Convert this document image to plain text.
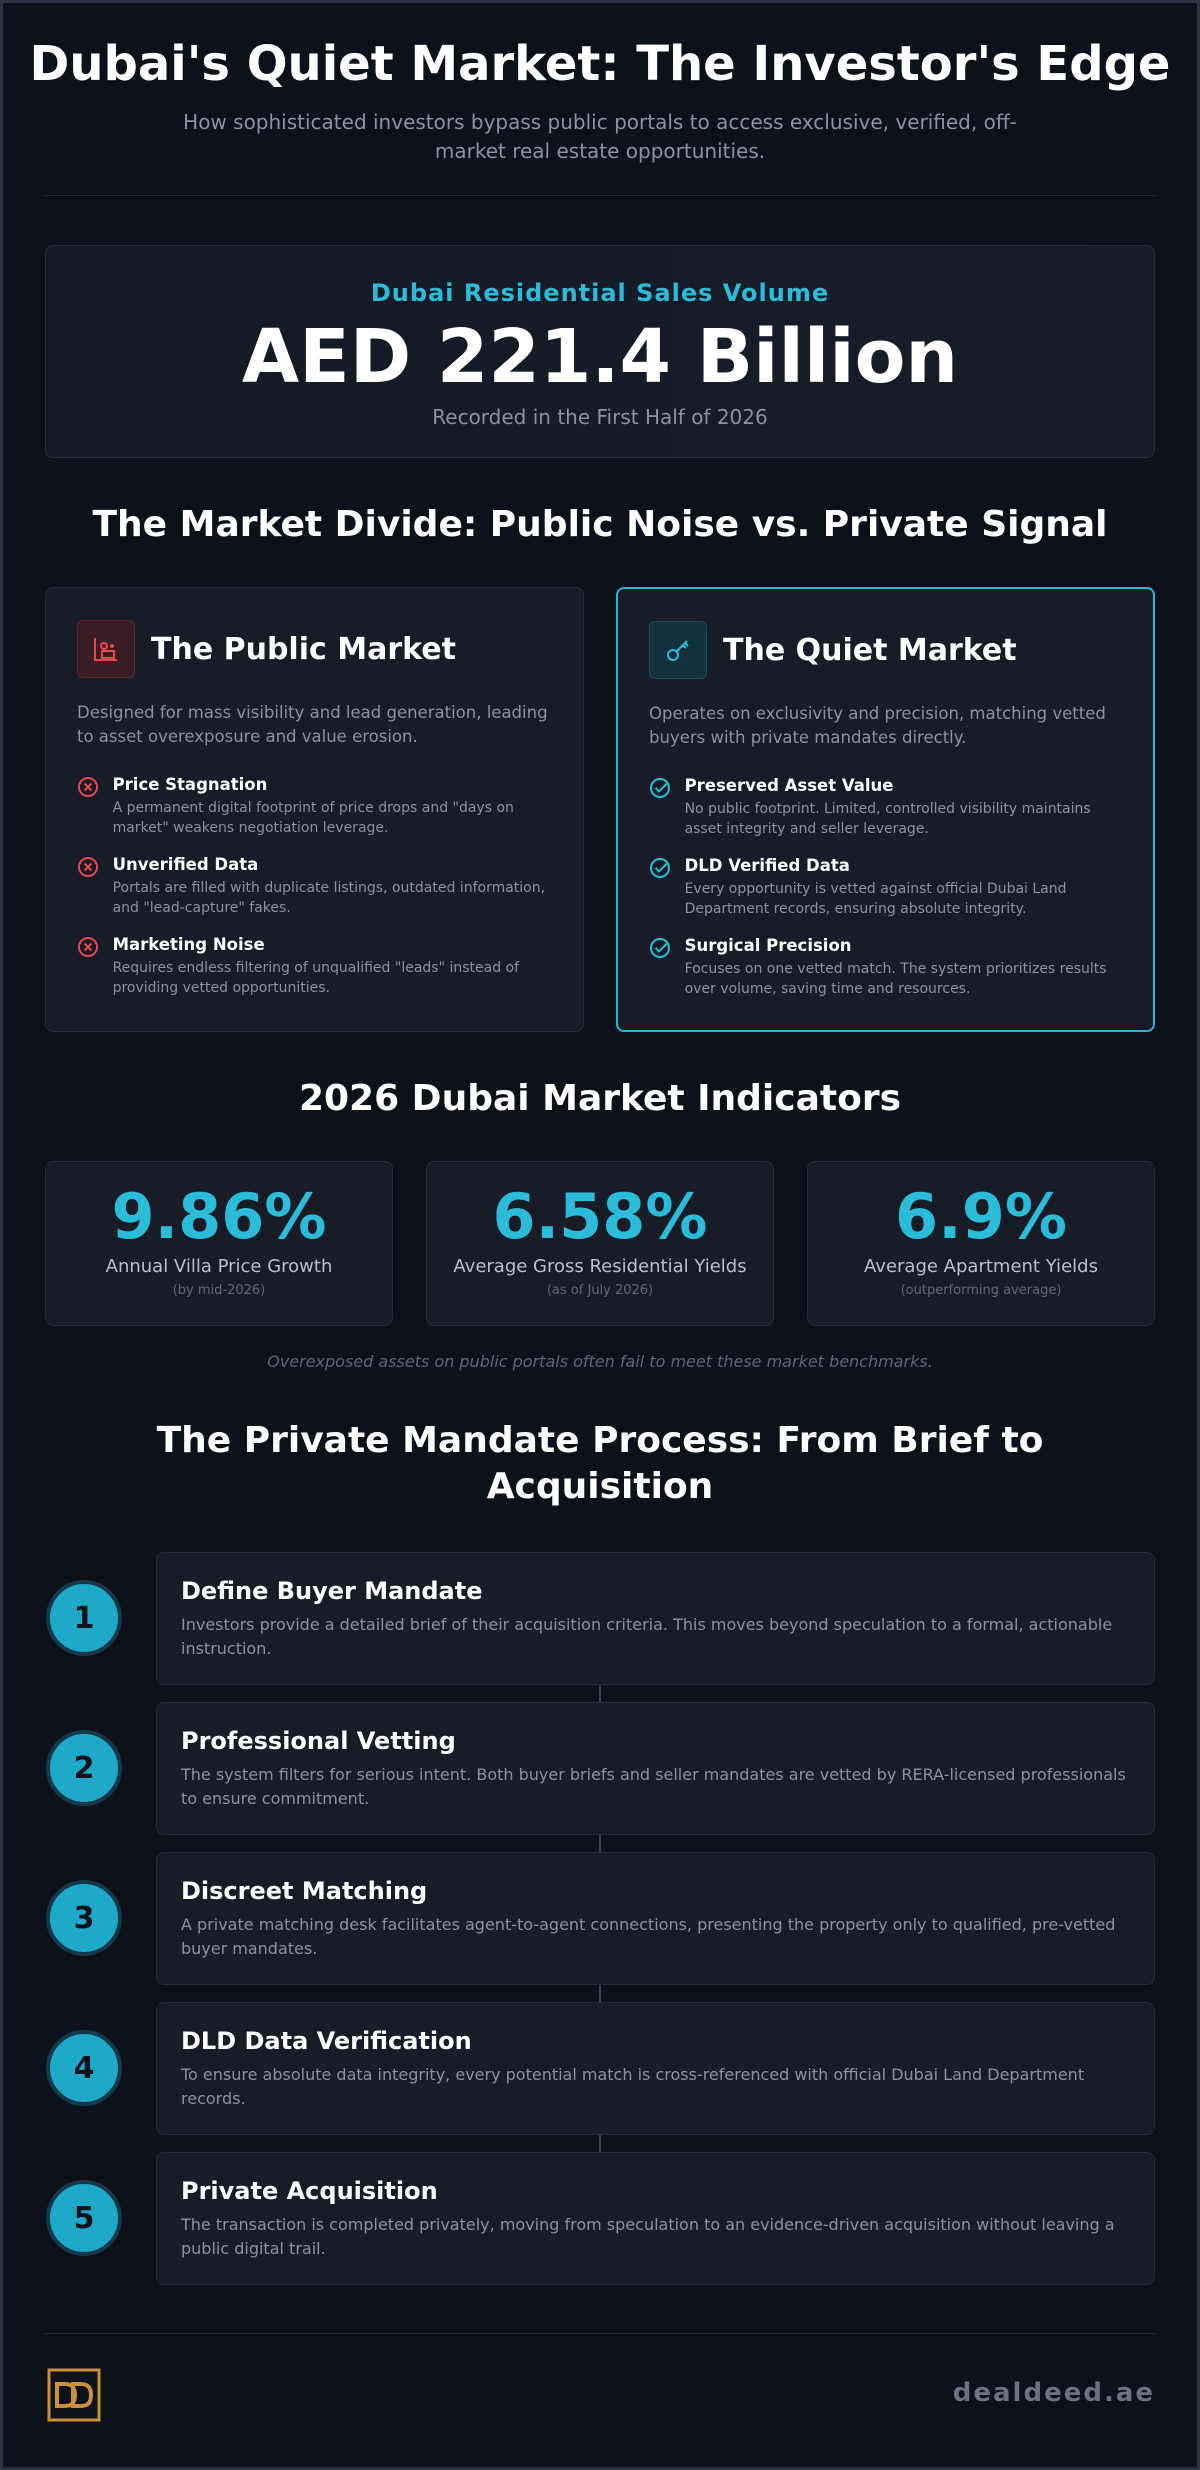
Dubai's Quiet Market: The Investor's Edge

How sophisticated investors bypass public portals to access exclusive, verified, off-market real estate opportunities.

Dubai Residential Sales Volume
AED 221.4 Billion
Recorded in the First Half of 2026
The Market Divide: Public Noise vs. Private Signal
The Public Market

Designed for mass visibility and lead generation, leading to asset overexposure and value erosion.

Price Stagnation
A permanent digital footprint of price drops and "days on market" weakens negotiation leverage.
Unverified Data
Portals are filled with duplicate listings, outdated information, and "lead-capture" fakes.
Marketing Noise
Requires endless filtering of unqualified "leads" instead of providing vetted opportunities.
The Quiet Market

Operates on exclusivity and precision, matching vetted buyers with private mandates directly.

Preserved Asset Value
No public footprint. Limited, controlled visibility maintains asset integrity and seller leverage.
DLD Verified Data
Every opportunity is vetted against official Dubai Land Department records, ensuring absolute integrity.
Surgical Precision
Focuses on one vetted match. The system prioritizes results over volume, saving time and resources.
2026 Dubai Market Indicators
9.86%
Annual Villa Price Growth
(by mid-2026)
6.58%
Average Gross Residential Yields
(as of July 2026)
6.9%
Average Apartment Yields
(outperforming average)

Overexposed assets on public portals often fail to meet these market benchmarks.

The Private Mandate Process: From Brief to Acquisition
1
Define Buyer Mandate
Investors provide a detailed brief of their acquisition criteria. This moves beyond speculation to a formal, actionable instruction.
2
Professional Vetting
The system filters for serious intent. Both buyer briefs and seller mandates are vetted by RERA-licensed professionals to ensure commitment.
3
Discreet Matching
A private matching desk facilitates agent-to-agent connections, presenting the property only to qualified, pre-vetted buyer mandates.
4
DLD Data Verification
To ensure absolute data integrity, every potential match is cross-referenced with official Dubai Land Department records.
5
Private Acquisition
The transaction is completed privately, moving from speculation to an evidence-driven acquisition without leaving a public digital trail.
dealdeed.ae
